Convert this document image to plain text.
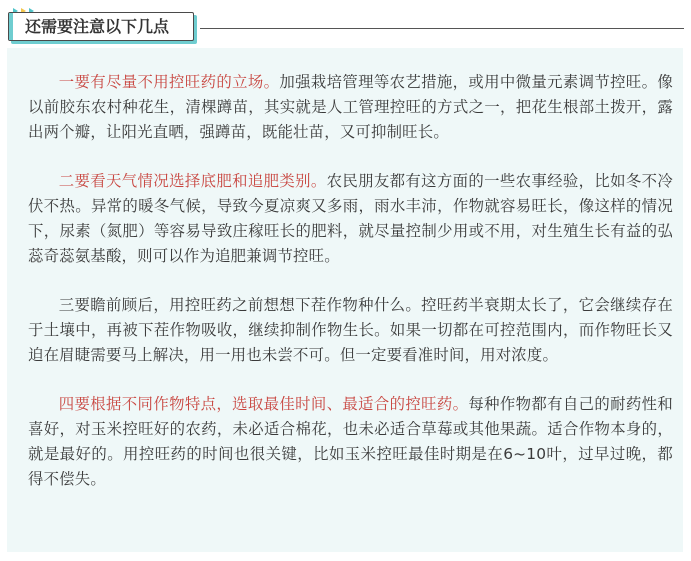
还需要注意以下几点

一要有尽量不用控旺药的立场。加强栽培管理等农艺措施，或用中微量元素调节控旺。像以前胶东农村种花生，清棵蹲苗，其实就是人工管理控旺的方式之一，把花生根部土拨开，露出两个瓣，让阳光直晒，强蹲苗，既能壮苗，又可抑制旺长。

二要看天气情况选择底肥和追肥类别。农民朋友都有这方面的一些农事经验，比如冬不冷伏不热。异常的暖冬气候，导致今夏凉爽又多雨，雨水丰沛，作物就容易旺长，像这样的情况下，尿素（氮肥）等容易导致庄稼旺长的肥料，就尽量控制少用或不用，对生殖生长有益的弘蕊奇蕊氨基酸，则可以作为追肥兼调节控旺。

三要瞻前顾后，用控旺药之前想想下茬作物种什么。控旺药半衰期太长了，它会继续存在于土壤中，再被下茬作物吸收，继续抑制作物生长。如果一切都在可控范围内，而作物旺长又迫在眉睫需要马上解决，用一用也未尝不可。但一定要看准时间，用对浓度。

四要根据不同作物特点，选取最佳时间、最适合的控旺药。每种作物都有自己的耐药性和喜好，对玉米控旺好的农药，未必适合棉花，也未必适合草莓或其他果蔬。适合作物本身的，就是最好的。用控旺药的时间也很关键，比如玉米控旺最佳时期是在6~10叶，过早过晚，都得不偿失。
